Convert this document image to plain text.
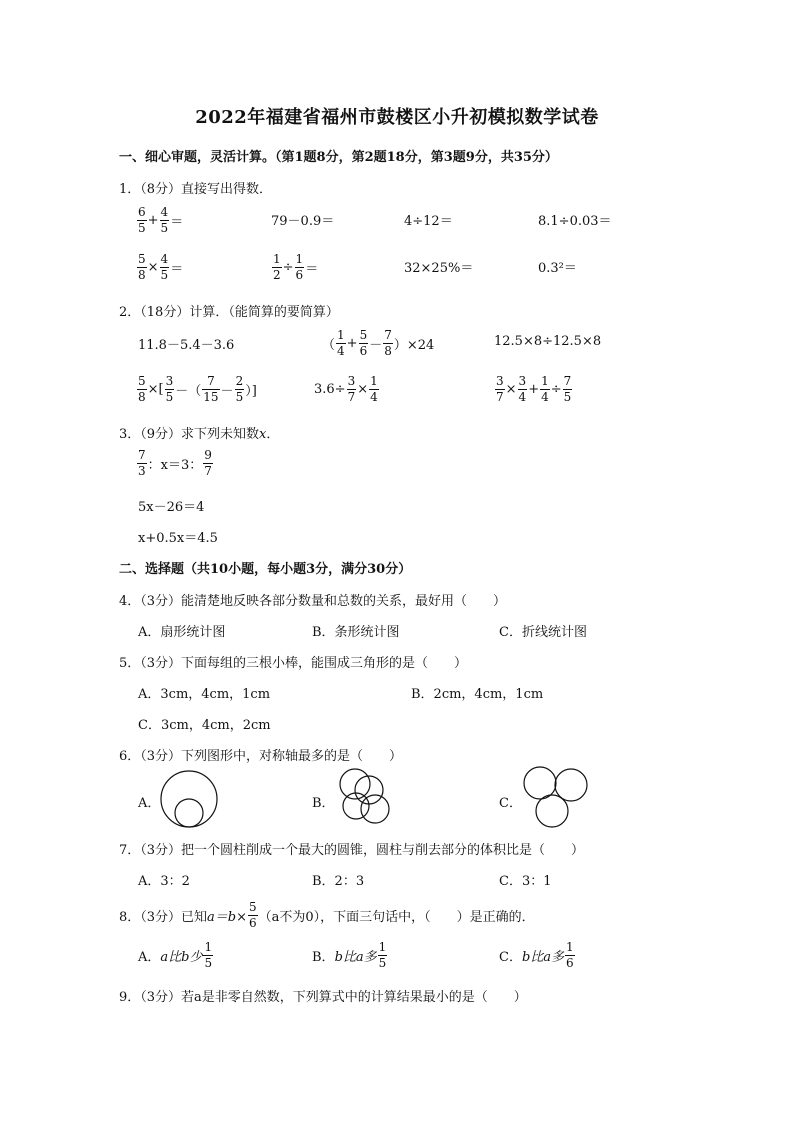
2022年福建省福州市鼓楼区小升初模拟数学试卷
一、细心审题，灵活计算。（第1题8分，第2题18分，第3题9分，共35分）
1．（8分）直接写出得数．
$\frac{6}{5} + \frac{4}{5}$ ＝	79－0.9＝	4÷12＝	8.1÷0.03＝
$\frac{5}{8} \times \frac{4}{5}$ ＝	$\frac{1}{2} \div \frac{1}{6}$ ＝	32×25%＝	0.3²＝
2．（18分）计算．（能简算的要简算）
11.8－5.4－3.6	（ $\frac{1}{4} + \frac{5}{6} - \frac{7}{8} )\times 24$	12.5×8÷12.5×8
$\frac{5}{8}$ ×[ $\frac{3}{5}$ －（ $\frac{7}{15} - \frac{2}{5}$ ）]	$3.6\div \frac{3}{7} \times \frac{1}{4}$	$\frac{3}{7} \times \frac{3}{4} + \frac{1}{4} \div \frac{7}{5}$
3．（9分）求下列未知数x．
$\frac{7}{3}$ ：x＝3： $\frac{9}{7}$
5x－26＝4
x+0.5x＝4.5
二、选择题（共10小题，每小题3分，满分30分）
4．（3分）能清楚地反映各部分数量和总数的关系，最好用（　　）
A．扇形统计图	B．条形统计图	C．折线统计图
5．（3分）下面每组的三根小棒，能围成三角形的是（　　）
A．3cm，4cm，1cm	B．2cm，4cm，1cm
C．3cm，4cm，2cm
6．（3分）下列图形中，对称轴最多的是（　　）
A．	B．	C．
7．（3分）把一个圆柱削成一个最大的圆锥，圆柱与削去部分的体积比是（　　）
A．3：2	B．2：3	C．3：1
8．（3分）已知 $a=b\times \frac{5}{6} (a$不为0），下面三句话中，（　　）是正确的．
A． a比b少 $\frac{1}{5}$	B． b比a多 $\frac{1}{5}$	C． b比a多 $\frac{1}{6}$
9．（3分）若a是非零自然数，下列算式中的计算结果最小的是（　　）
